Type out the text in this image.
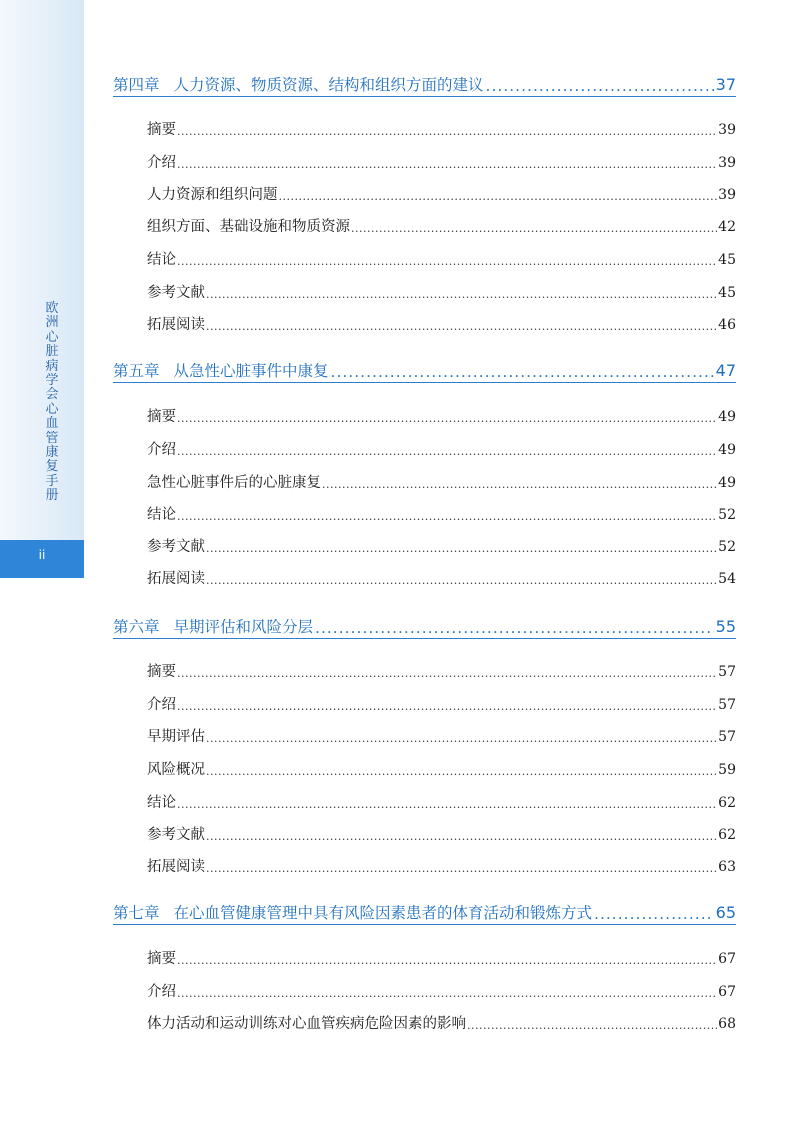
欧洲心脏病学会心血管康复手册
ii
第四章 人力资源、物质资源、结构和组织方面的建议 .....	37
摘要 .....	39
介绍 .....	39
人力资源和组织问题 .....	39
组织方面、基础设施和物质资源 .....	42
结论 .....	45
参考文献 .....	45
拓展阅读 .....	46
第五章 从急性心脏事件中康复 .....	47
摘要 .....	49
介绍 .....	49
急性心脏事件后的心脏康复 .....	49
结论 .....	52
参考文献 .....	52
拓展阅读 .....	54
第六章 早期评估和风险分层 .....	55
摘要 .....	57
介绍 .....	57
早期评估 .....	57
风险概况 .....	59
结论 .....	62
参考文献 .....	62
拓展阅读 .....	63
第七章 在心血管健康管理中具有风险因素患者的体育活动和锻炼方式 .....	65
摘要 .....	67
介绍 .....	67
体力活动和运动训练对心血管疾病危险因素的影响 .....	68
